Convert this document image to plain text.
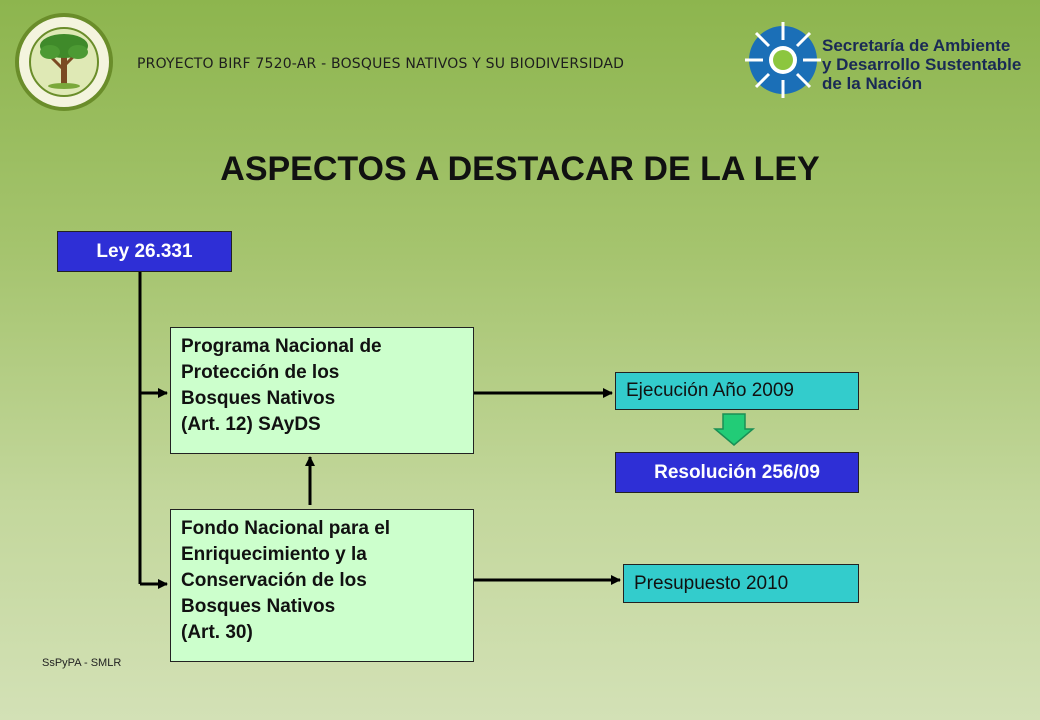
PROYECTO BIRF 7520-AR - BOSQUES NATIVOS Y SU BIODIVERSIDAD
Secretaría de Ambiente
y Desarrollo Sustentable
de la Nación
ASPECTOS A DESTACAR DE LA LEY
Ley 26.331
Programa Nacional de
Protección de los
Bosques Nativos
(Art. 12) SAyDS
Fondo Nacional para el
Enriquecimiento y la
Conservación de los
Bosques Nativos
(Art. 30)
Ejecución Año 2009
Resolución 256/09
Presupuesto 2010
SsPyPA - SMLR
